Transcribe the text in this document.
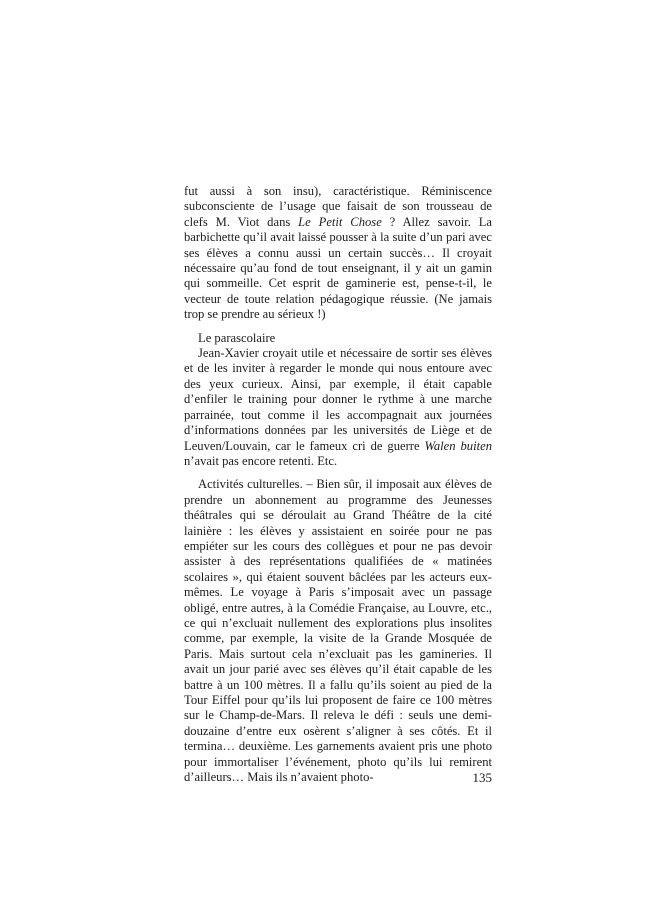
fut aussi à son insu), caractéristique. Réminiscence subconsciente de l’usage que faisait de son trousseau de clefs M. Viot dans Le Petit Chose ? Allez savoir. La barbichette qu’il avait laissé pousser à la suite d’un pari avec ses élèves a connu aussi un certain succès… Il croyait nécessaire qu’au fond de tout enseignant, il y ait un gamin qui sommeille. Cet esprit de gaminerie est, pense-t-il, le vecteur de toute relation pédagogique réussie. (Ne jamais trop se prendre au sérieux !)

Le parascolaire

Jean-Xavier croyait utile et nécessaire de sortir ses élèves et de les inviter à regarder le monde qui nous entoure avec des yeux curieux. Ainsi, par exemple, il était capable d’enfiler le training pour donner le rythme à une marche parrainée, tout comme il les accompagnait aux journées d’informations données par les universités de Liège et de Leuven/Louvain, car le fameux cri de guerre Walen buiten n’avait pas encore retenti. Etc.

Activités culturelles. – Bien sûr, il imposait aux élèves de prendre un abonnement au programme des Jeunesses théâtrales qui se déroulait au Grand Théâtre de la cité lainière : les élèves y assistaient en soirée pour ne pas empiéter sur les cours des collègues et pour ne pas devoir assister à des représentations qualifiées de « matinées scolaires », qui étaient souvent bâclées par les acteurs eux-mêmes. Le voyage à Paris s’imposait avec un passage obligé, entre autres, à la Comédie Française, au Louvre, etc., ce qui n’excluait nullement des explorations plus insolites comme, par exemple, la visite de la Grande Mosquée de Paris. Mais surtout cela n’excluait pas les gamineries. Il avait un jour parié avec ses élèves qu’il était capable de les battre à un 100 mètres. Il a fallu qu’ils soient au pied de la Tour Eiffel pour qu’ils lui proposent de faire ce 100 mètres sur le Champ-de-Mars. Il releva le défi : seuls une demi-douzaine d’entre eux osèrent s’aligner à ses côtés. Et il termina… deuxième. Les garnements avaient pris une photo pour immortaliser l’événement, photo qu’ils lui remirent d’ailleurs… Mais ils n’avaient photo-	135
